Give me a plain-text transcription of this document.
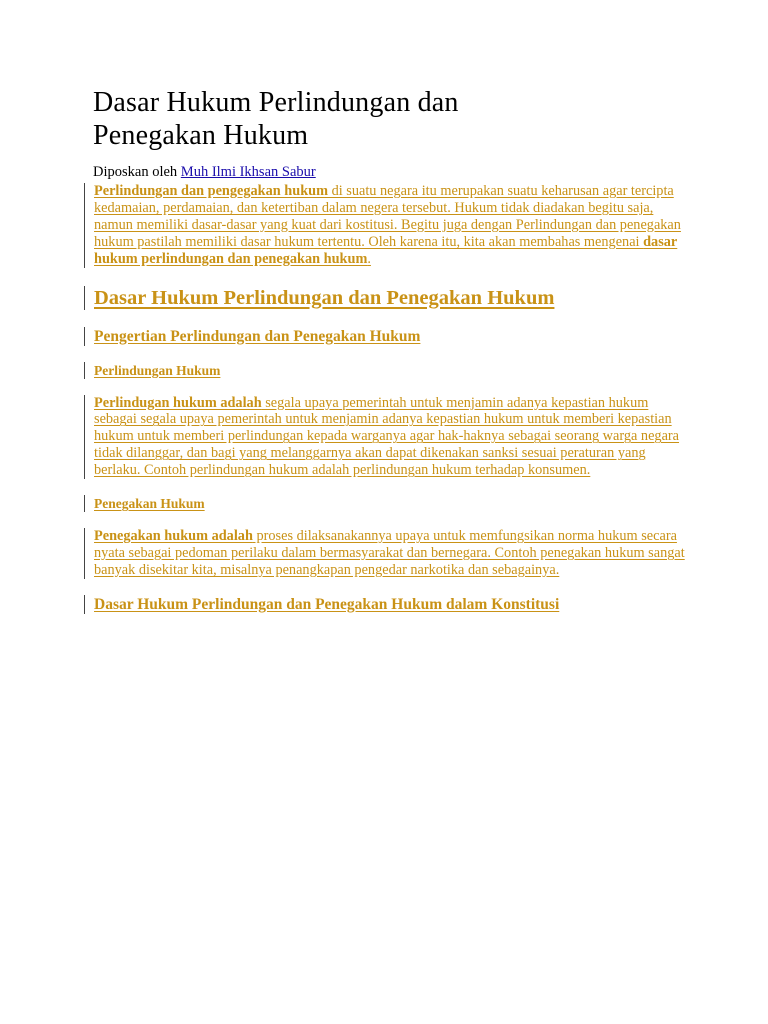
Dasar Hukum Perlindungan dan
Penegakan Hukum
Diposkan oleh Muh Ilmi Ikhsan Sabur
Perlindungan dan pengegakan hukum di suatu negara itu merupakan suatu keharusan agar tercipta kedamaian, perdamaian, dan ketertiban dalam negera tersebut. Hukum tidak diadakan begitu saja, namun memiliki dasar-dasar yang kuat dari kostitusi. Begitu juga dengan Perlindungan dan penegakan hukum pastilah memiliki dasar hukum tertentu. Oleh karena itu, kita akan membahas mengenai dasar hukum perlindungan dan penegakan hukum.
Dasar Hukum Perlindungan dan Penegakan Hukum
Pengertian Perlindungan dan Penegakan Hukum
Perlindungan Hukum
Perlindugan hukum adalah segala upaya pemerintah untuk menjamin adanya kepastian hukum sebagai segala upaya pemerintah untuk menjamin adanya kepastian hukum untuk memberi kepastian hukum untuk memberi perlindungan kepada warganya agar hak-haknya sebagai seorang warga negara tidak dilanggar, dan bagi yang melanggarnya akan dapat dikenakan sanksi sesuai peraturan yang berlaku. Contoh perlindungan hukum adalah perlindungan hukum terhadap konsumen.
Penegakan Hukum
Penegakan hukum adalah proses dilaksanakannya upaya untuk memfungsikan norma hukum secara nyata sebagai pedoman perilaku dalam bermasyarakat dan bernegara. Contoh penegakan hukum sangat banyak disekitar kita, misalnya penangkapan pengedar narkotika dan sebagainya.
Dasar Hukum Perlindungan dan Penegakan Hukum dalam Konstitusi
